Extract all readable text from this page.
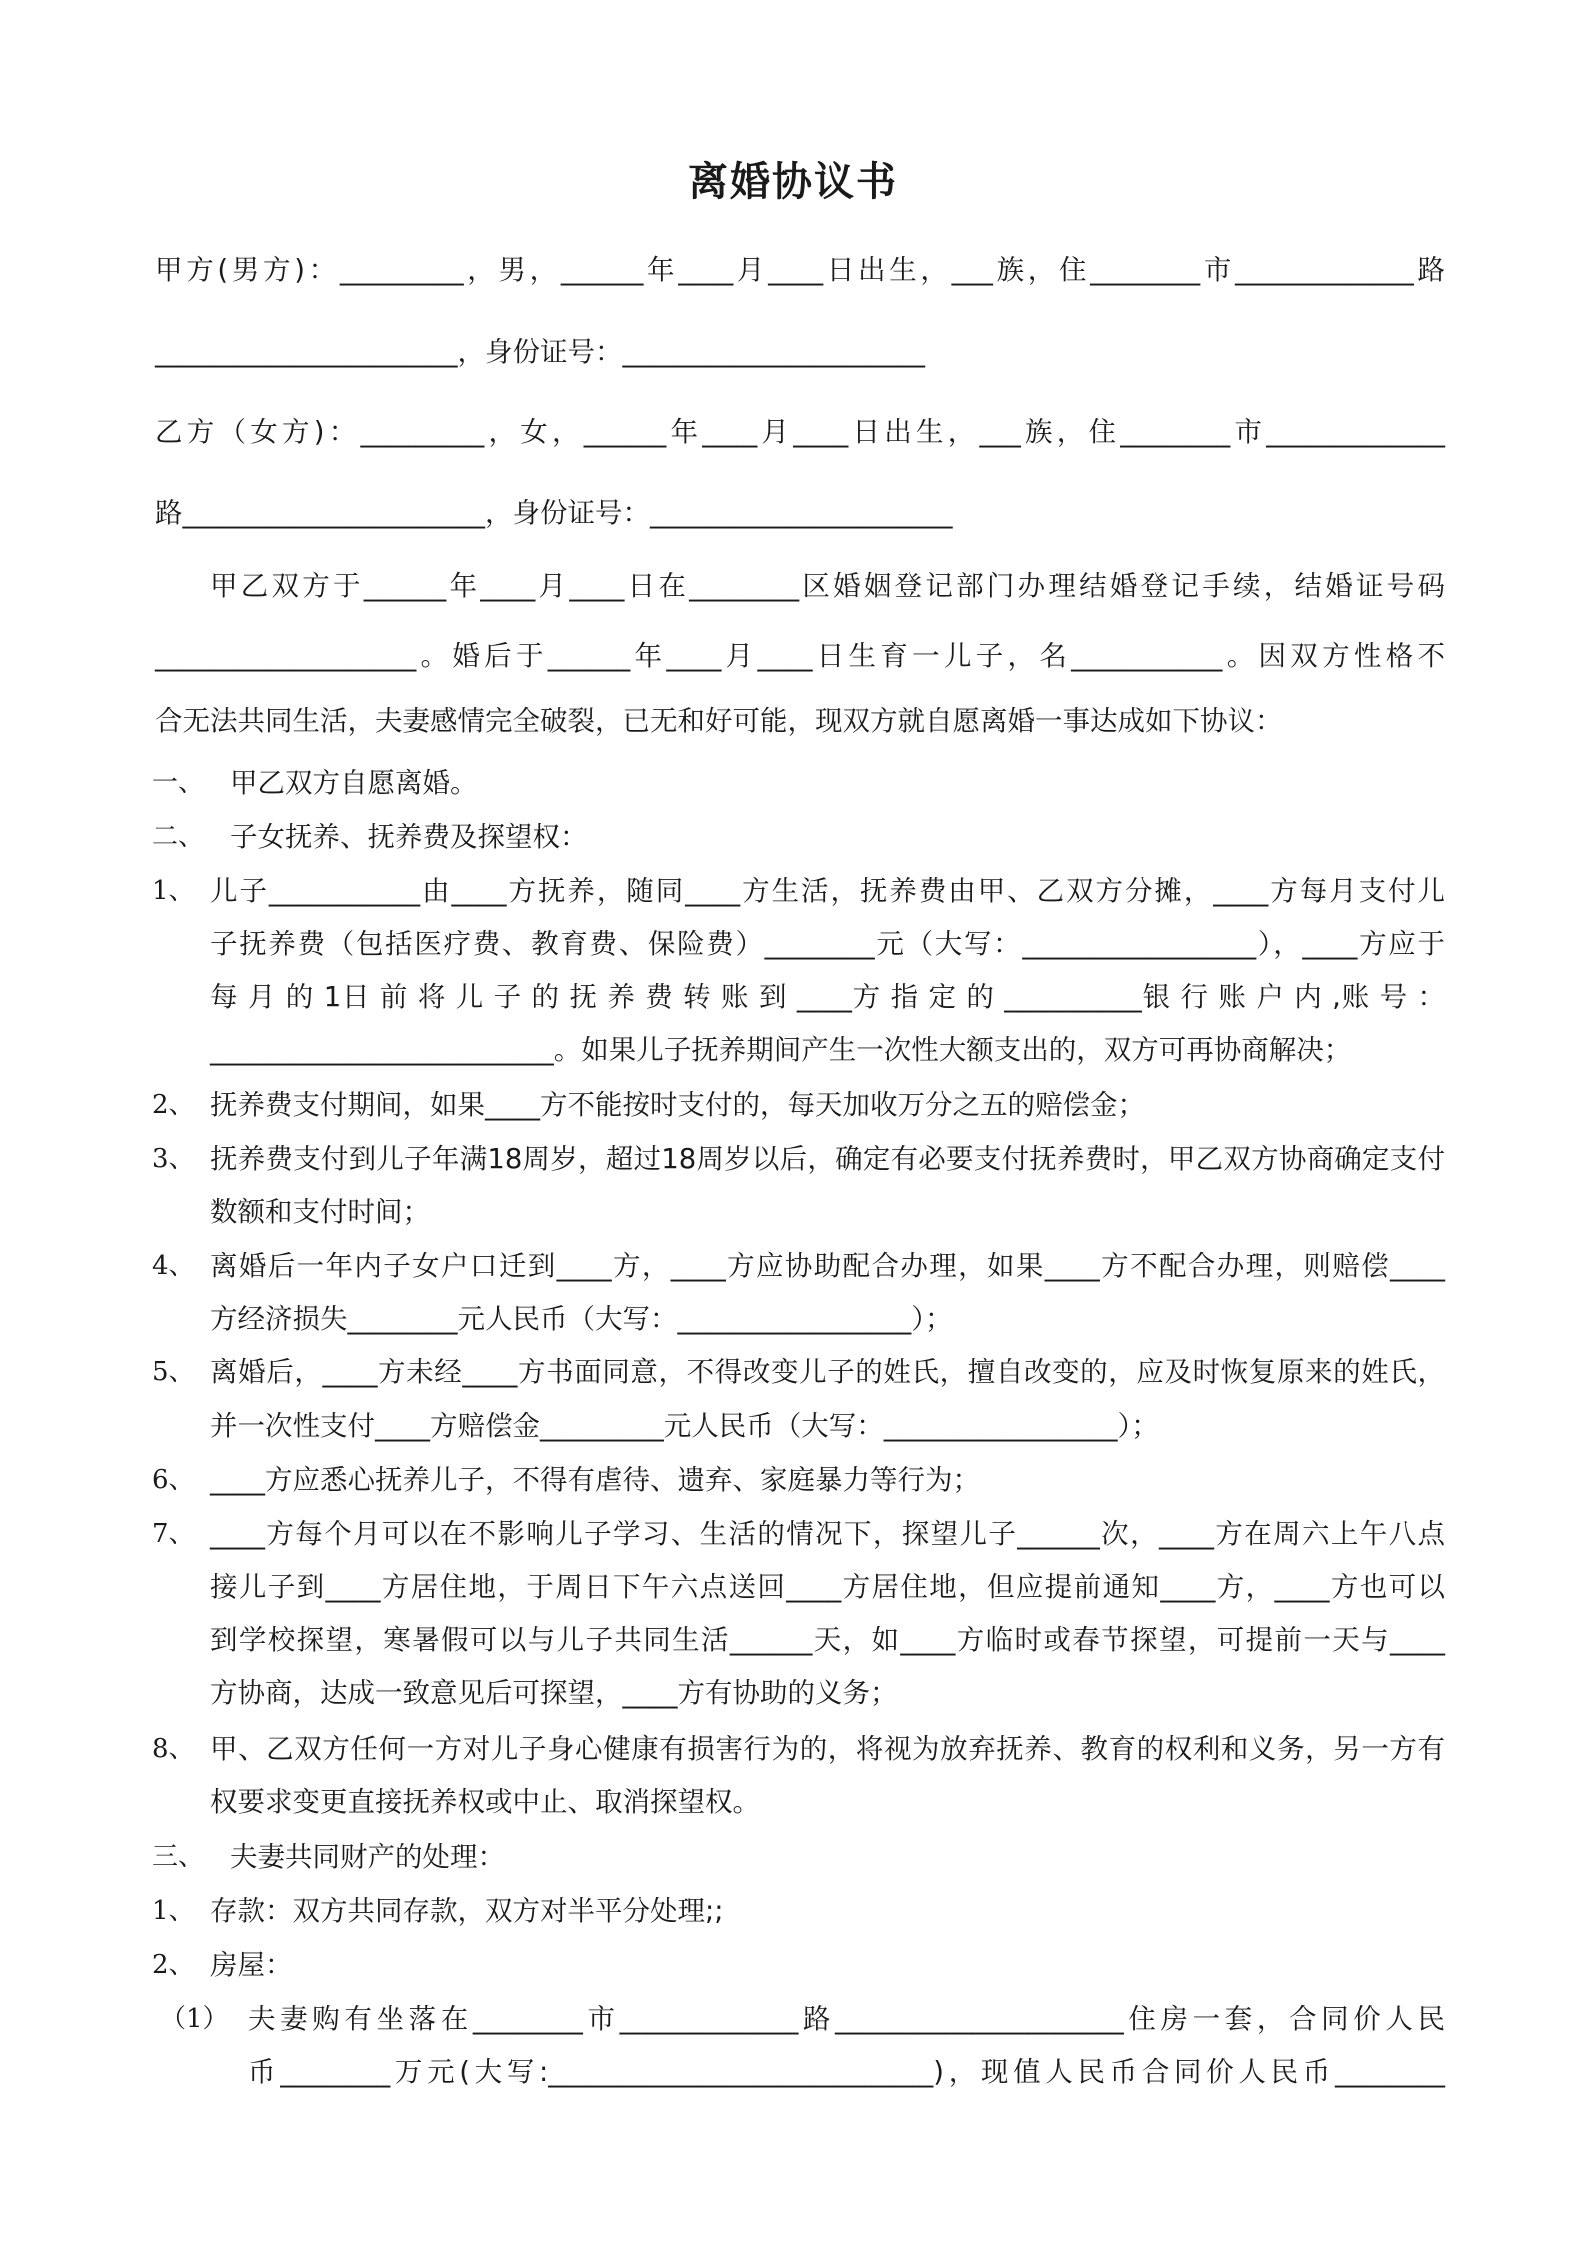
离婚协议书
甲方(男方)：_________，男，______年____月____日出生，___族，住________市_____________路
______________________，身份证号：______________________
乙方（女方)：_________，女，______年____月____日出生，___族，住________市_____________
路______________________，身份证号：______________________
甲乙双方于______年____月____日在________区婚姻登记部门办理结婚登记手续，结婚证号码
___________________。婚后于______年____月____日生育一儿子，名___________。因双方性格不
合无法共同生活，夫妻感情完全破裂，已无和好可能，现双方就自愿离婚一事达成如下协议：
一、 甲乙双方自愿离婚。
二、 子女抚养、抚养费及探望权：
1、 儿子___________由____方抚养，随同____方生活，抚养费由甲、乙双方分摊，____方每月支付儿
子抚养费（包括医疗费、教育费、保险费）________元（大写：_________________），____方应于
每 月 的 1日 前 将 儿 子 的 抚 养 费 转 账 到 ____方 指 定 的 __________银 行 账 户 内 ,账 号 ：
_________________________。如果儿子抚养期间产生一次性大额支出的，双方可再协商解决；
2、 抚养费支付期间，如果____方不能按时支付的，每天加收万分之五的赔偿金；
3、 抚养费支付到儿子年满18周岁，超过18周岁以后，确定有必要支付抚养费时，甲乙双方协商确定支付
数额和支付时间；
4、 离婚后一年内子女户口迁到____方，____方应协助配合办理，如果____方不配合办理，则赔偿____
方经济损失________元人民币（大写：_________________）；
5、 离婚后，____方未经____方书面同意，不得改变儿子的姓氏，擅自改变的，应及时恢复原来的姓氏，
并一次性支付____方赔偿金_________元人民币（大写：_________________）；
6、 ____方应悉心抚养儿子，不得有虐待、遗弃、家庭暴力等行为；
7、 ____方每个月可以在不影响儿子学习、生活的情况下，探望儿子______次，____方在周六上午八点
接儿子到____方居住地，于周日下午六点送回____方居住地，但应提前通知____方，____方也可以
到学校探望，寒暑假可以与儿子共同生活______天，如____方临时或春节探望，可提前一天与____
方协商，达成一致意见后可探望，____方有协助的义务；
8、 甲、乙双方任何一方对儿子身心健康有损害行为的，将视为放弃抚养、教育的权利和义务，另一方有
权要求变更直接抚养权或中止、取消探望权。
三、 夫妻共同财产的处理：
1、 存款：双方共同存款，双方对半平分处理;;
2、 房屋：
（1） 夫妻购有坐落在________市_____________路_____________________住房一套，合同价人民
币________万元(大写:____________________________)，现值人民币合同价人民币________
